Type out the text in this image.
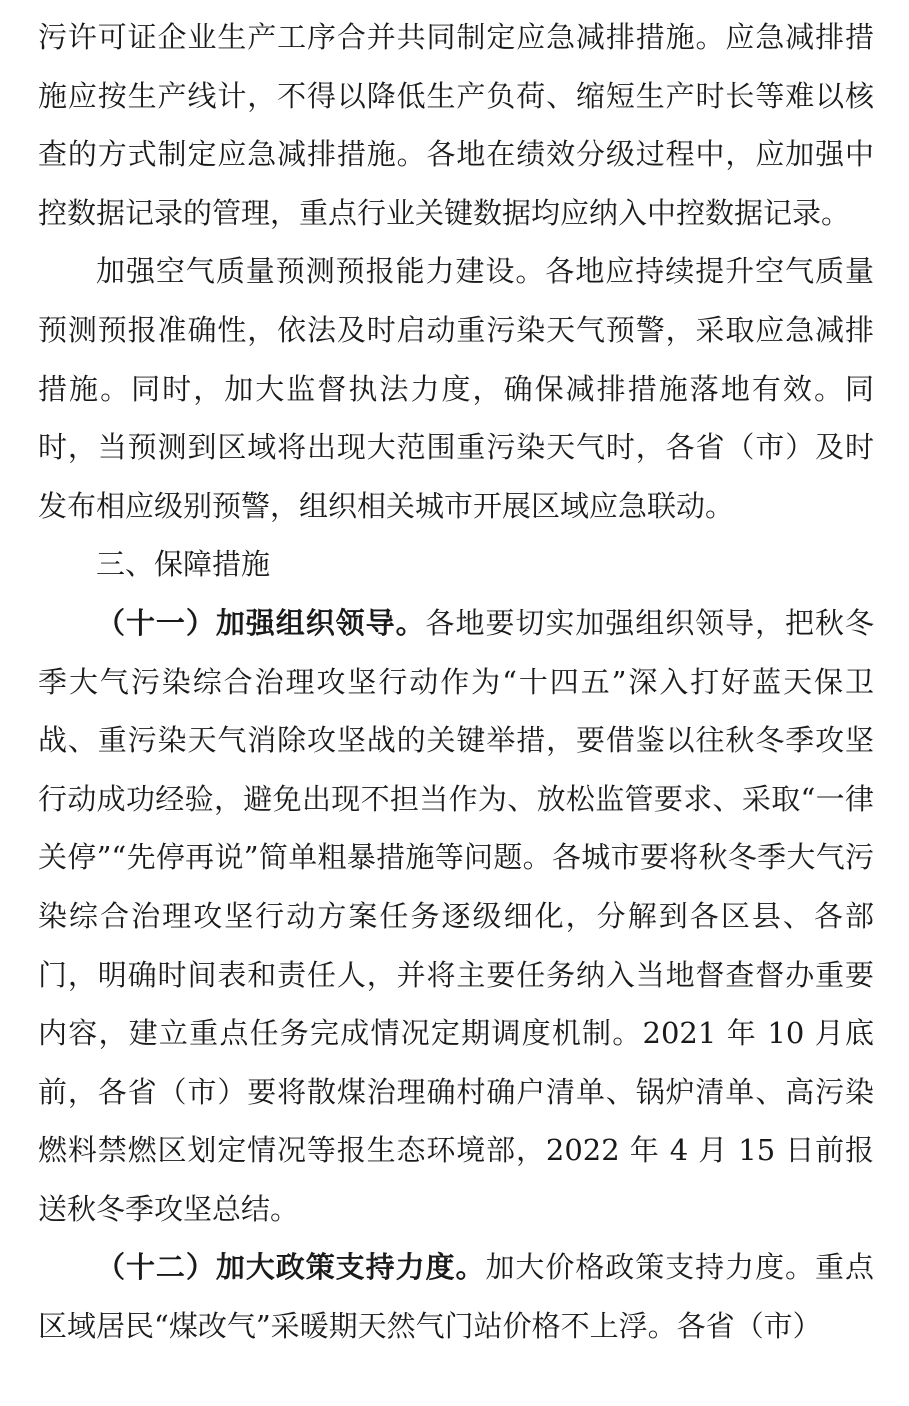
污许可证企业生产工序合并共同制定应急减排措施。应急减排措施应按生产线计，不得以降低生产负荷、缩短生产时长等难以核查的方式制定应急减排措施。各地在绩效分级过程中，应加强中控数据记录的管理，重点行业关键数据均应纳入中控数据记录。

加强空气质量预测预报能力建设。各地应持续提升空气质量预测预报准确性，依法及时启动重污染天气预警，采取应急减排措施。同时，加大监督执法力度，确保减排措施落地有效。同时，当预测到区域将出现大范围重污染天气时，各省（市）及时发布相应级别预警，组织相关城市开展区域应急联动。

三、保障措施

（十一）加强组织领导。各地要切实加强组织领导，把秋冬季大气污染综合治理攻坚行动作为“十四五”深入打好蓝天保卫战、重污染天气消除攻坚战的关键举措，要借鉴以往秋冬季攻坚行动成功经验，避免出现不担当作为、放松监管要求、采取“一律关停”“先停再说”简单粗暴措施等问题。各城市要将秋冬季大气污染综合治理攻坚行动方案任务逐级细化，分解到各区县、各部门，明确时间表和责任人，并将主要任务纳入当地督查督办重要内容，建立重点任务完成情况定期调度机制。2021 年 10 月底前，各省（市）要将散煤治理确村确户清单、锅炉清单、高污染燃料禁燃区划定情况等报生态环境部，2022 年 4 月 15 日前报送秋冬季攻坚总结。

（十二）加大政策支持力度。加大价格政策支持力度。重点区域居民“煤改气”采暖期天然气门站价格不上浮。各省（市）
